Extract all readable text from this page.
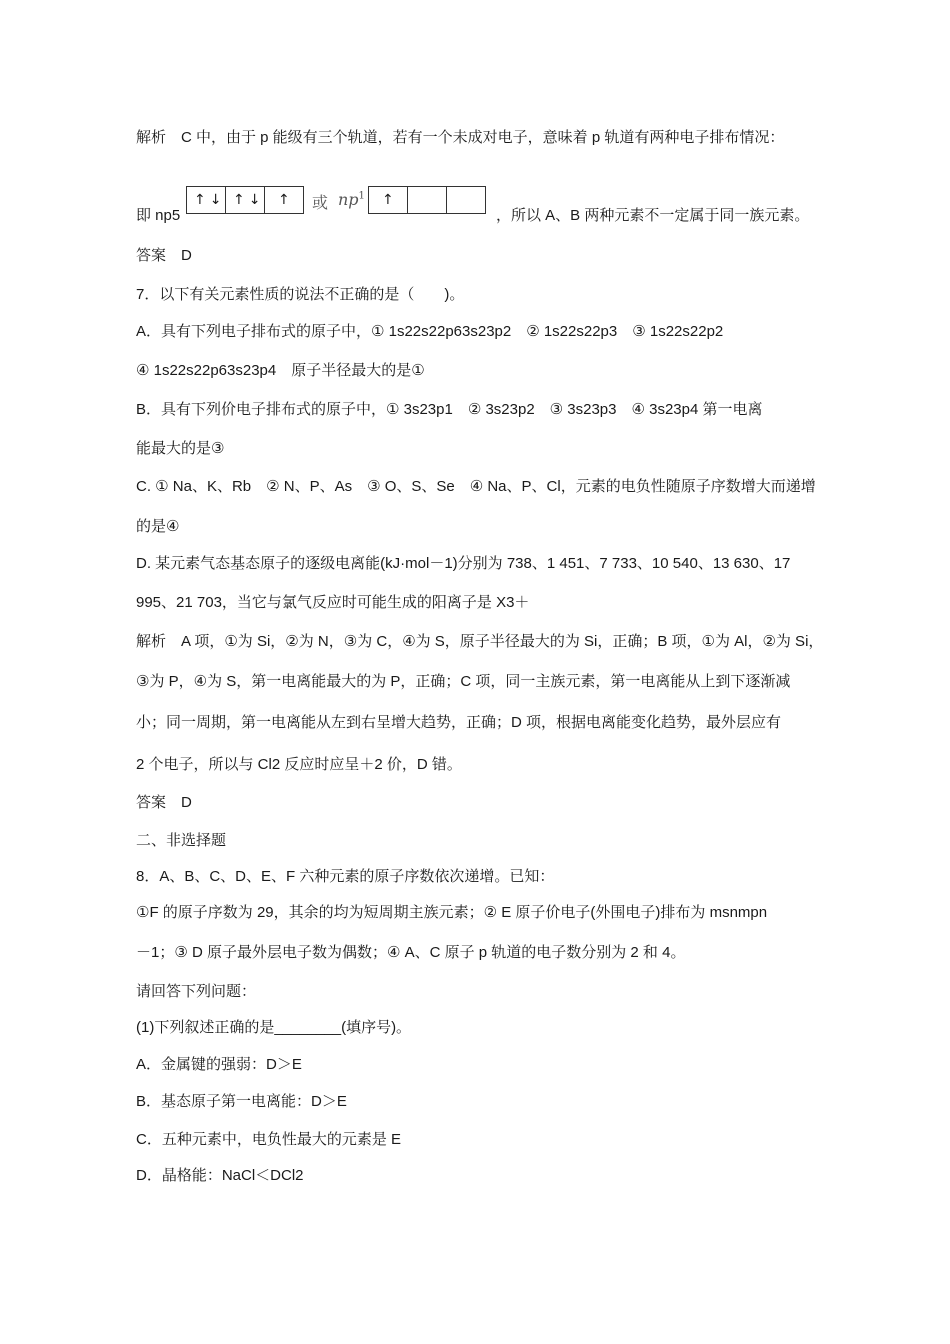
解析　C 中，由于 p 能级有三个轨道，若有一个未成对电子，意味着 p 轨道有两种电子排布情况：
答案　D
7．以下有关元素性质的说法不正确的是（　　)。
A．具有下列电子排布式的原子中，① 1s22s22p63s23p2　② 1s22s22p3　③ 1s22s22p2
④ 1s22s22p63s23p4　原子半径最大的是①
B．具有下列价电子排布式的原子中，① 3s23p1　② 3s23p2　③ 3s23p3　④ 3s23p4 第一电离
能最大的是③
C. ① Na、K、Rb　② N、P、As　③ O、S、Se　④ Na、P、Cl，元素的电负性随原子序数增大而递增
的是④
D. 某元素气态基态原子的逐级电离能(kJ·mol－1)分别为 738、1 451、7 733、10 540、13 630、17
995、21 703，当它与氯气反应时可能生成的阳离子是 X3＋
解析　A 项，①为 Si，②为 N，③为 C，④为 S，原子半径最大的为 Si，正确；B 项，①为 Al，②为 Si，
③为 P，④为 S，第一电离能最大的为 P，正确；C 项，同一主族元素，第一电离能从上到下逐渐减
小；同一周期，第一电离能从左到右呈增大趋势，正确；D 项，根据电离能变化趋势，最外层应有
2 个电子，所以与 Cl2 反应时应呈＋2 价，D 错。
答案　D
二、非选择题
8．A、B、C、D、E、F 六种元素的原子序数依次递增。已知：
①F 的原子序数为 29，其余的均为短周期主族元素；② E 原子价电子(外围电子)排布为 msnmpn
－1；③ D 原子最外层电子数为偶数；④ A、C 原子 p 轨道的电子数分别为 2 和 4。
请回答下列问题：
(1)下列叙述正确的是________(填序号)。
A．金属键的强弱：D＞E
B．基态原子第一电离能：D＞E
C．五种元素中，电负性最大的元素是 E
D．晶格能：NaCl＜DCl2
即 np5
↑↓ ↑↓ ↑ 或 $np^1$ ↑
，所以 A、B 两种元素不一定属于同一族元素。
